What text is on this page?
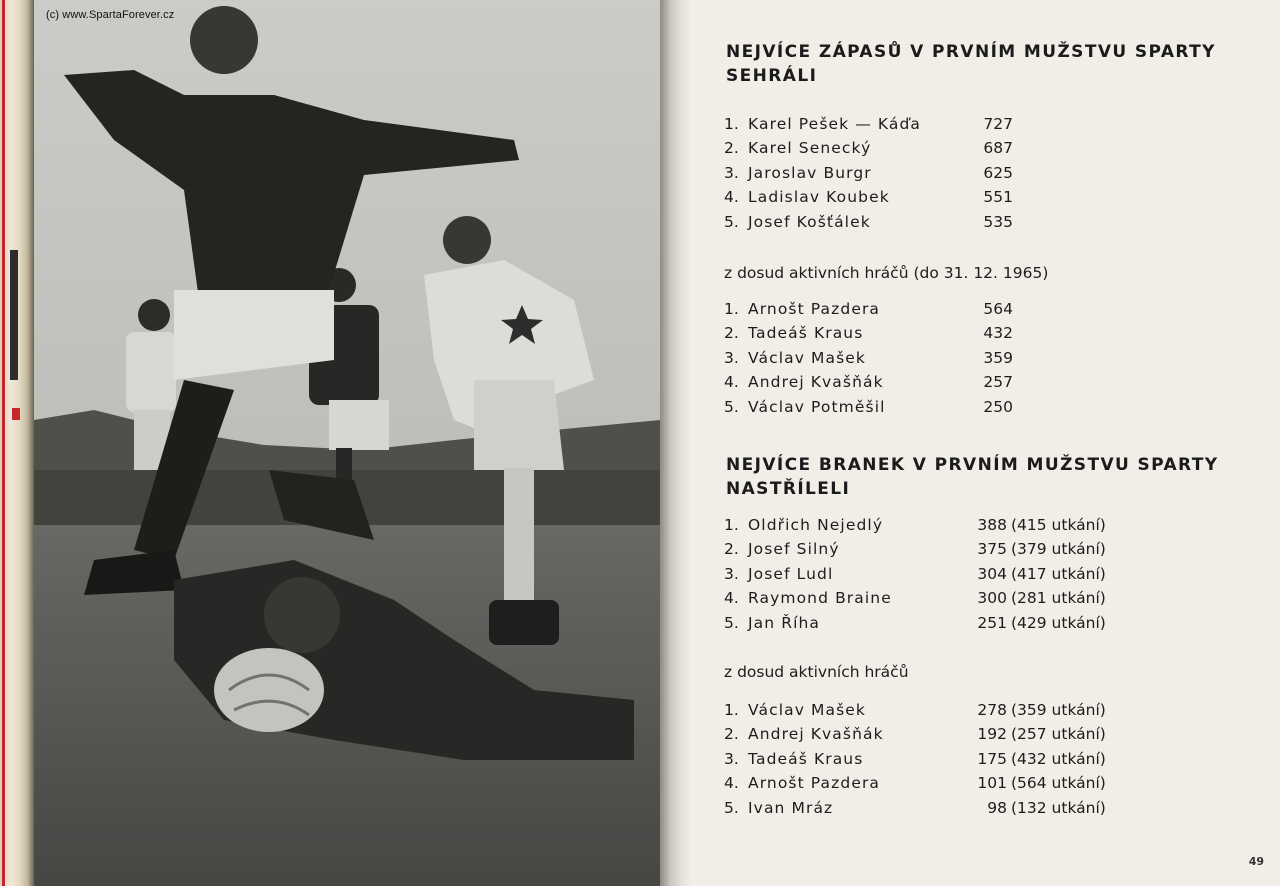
(c) www.SpartaForever.cz
NEJVÍCE ZÁPASŮ V PRVNÍM MUŽSTVU SPARTY
SEHRÁLI
1. Karel Pešek — Káďa	727
2. Karel Senecký	687
3. Jaroslav Burgr	625
4. Ladislav Koubek	551
5. Josef Košťálek	535

z dosud aktivních hráčů (do 31. 12. 1965)

1. Arnošt Pazdera	564
2. Tadeáš Kraus	432
3. Václav Mašek	359
4. Andrej Kvašňák	257
5. Václav Potměšil	250
NEJVÍCE BRANEK V PRVNÍM MUŽSTVU SPARTY
NASTŘÍLELI
1. Oldřich Nejedlý	388 (415 utkání)
2. Josef Silný	375 (379 utkání)
3. Josef Ludl	304 (417 utkání)
4. Raymond Braine	300 (281 utkání)
5. Jan Říha	251 (429 utkání)

z dosud aktivních hráčů

1. Václav Mašek	278 (359 utkání)
2. Andrej Kvašňák	192 (257 utkání)
3. Tadeáš Kraus	175 (432 utkání)
4. Arnošt Pazdera	101 (564 utkání)
5. Ivan Mráz	98 (132 utkání)
49
